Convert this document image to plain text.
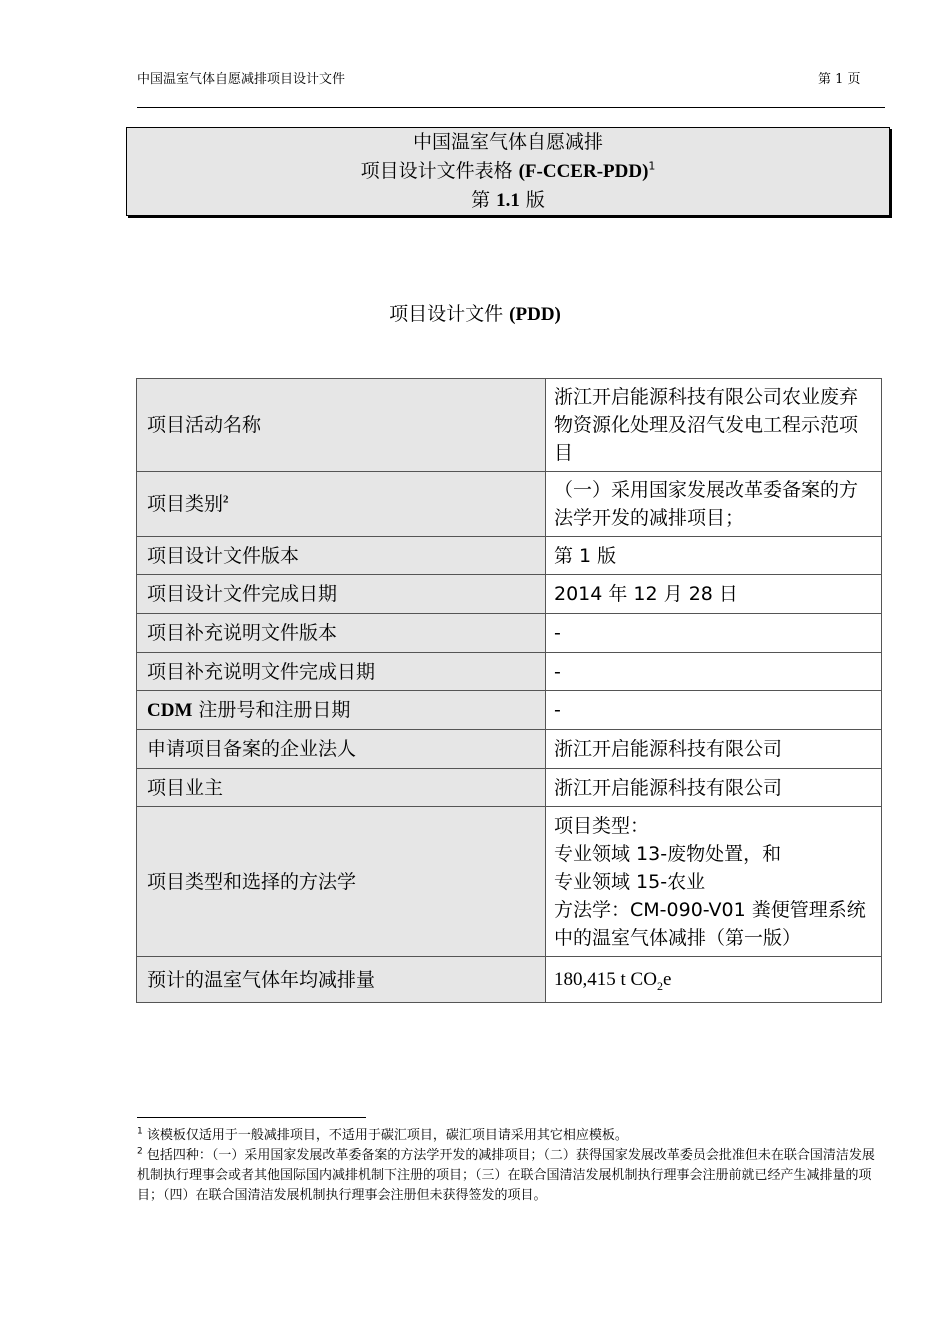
中国温室气体自愿减排项目设计文件	第 1 页
中国温室气体自愿减排
项目设计文件表格 (F-CCER-PDD)$^1$
第 1.1 版
项目设计文件 (PDD)
项目活动名称	浙江开启能源科技有限公司农业废弃物资源化处理及沼气发电工程示范项目
项目类别$^2$	（一）采用国家发展改革委备案的方法学开发的减排项目；
项目设计文件版本	第 1 版
项目设计文件完成日期	2014 年 12 月 28 日
项目补充说明文件版本	-
项目补充说明文件完成日期	-
CDM 注册号和注册日期	-
申请项目备案的企业法人	浙江开启能源科技有限公司
项目业主	浙江开启能源科技有限公司
项目类型和选择的方法学	项目类型：
专业领域 13-废物处置，和
专业领域 15-农业
方法学：CM-090-V01 粪便管理系统中的温室气体减排（第一版）

预计的温室气体年均减排量	180,415 t $CO_2e$
$^1$ 该模板仅适用于一般减排项目，不适用于碳汇项目，碳汇项目请采用其它相应模板。
$^2$ 包括四种：（一）采用国家发展改革委备案的方法学开发的减排项目；（二）获得国家发展改革委员会批准但未在联合国清洁发展机制执行理事会或者其他国际国内减排机制下注册的项目；（三）在联合国清洁发展机制执行理事会注册前就已经产生减排量的项目；（四）在联合国清洁发展机制执行理事会注册但未获得签发的项目。
